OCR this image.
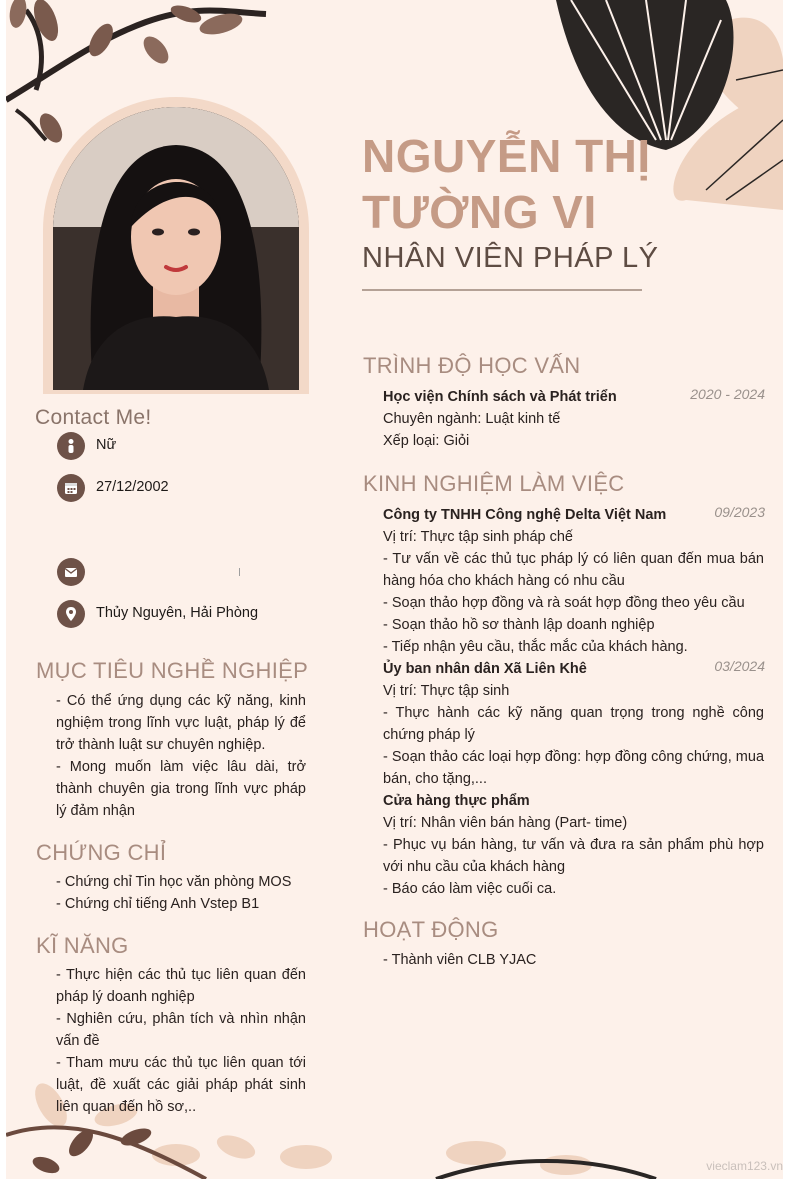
NGUYỄN THỊ
TƯỜNG VI
NHÂN VIÊN PHÁP LÝ
Contact Me!
Nữ
27/12/2002
Thủy Nguyên, Hải Phòng
MỤC TIÊU NGHỀ NGHIỆP
- Có thể ứng dụng các kỹ năng, kinh nghiệm trong lĩnh vực luật, pháp lý để trở thành luật sư chuyên nghiệp.
- Mong muốn làm việc lâu dài, trở thành chuyên gia trong lĩnh vực pháp lý đảm nhận
CHỨNG CHỈ
- Chứng chỉ Tin học văn phòng MOS
- Chứng chỉ tiếng Anh Vstep B1
KĨ NĂNG
- Thực hiện các thủ tục liên quan đến pháp lý doanh nghiệp
- Nghiên cứu, phân tích và nhìn nhận vấn đề
- Tham mưu các thủ tục liên quan tới luật, đề xuất các giải pháp phát sinh liên quan đến hồ sơ,..
TRÌNH ĐỘ HỌC VẤN
Học viện Chính sách và Phát triển	2020 - 2024
Chuyên ngành: Luật kinh tế
Xếp loại: Giỏi
KINH NGHIỆM LÀM VIỆC
Công ty TNHH Công nghệ Delta Việt Nam	09/2023
Vị trí: Thực tập sinh pháp chế
- Tư vấn về các thủ tục pháp lý có liên quan đến mua bán hàng hóa cho khách hàng có nhu cầu
- Soạn thảo hợp đồng và rà soát hợp đồng theo yêu cầu
- Soạn thảo hồ sơ thành lập doanh nghiệp
- Tiếp nhận yêu cầu, thắc mắc của khách hàng.
Ủy ban nhân dân Xã Liên Khê	03/2024
Vị trí: Thực tập sinh
- Thực hành các kỹ năng quan trọng trong nghề công chứng pháp lý
- Soạn thảo các loại hợp đồng: hợp đồng công chứng, mua bán, cho tặng,...
Cửa hàng thực phẩm
Vị trí: Nhân viên bán hàng (Part- time)
- Phục vụ bán hàng, tư vấn và đưa ra sản phẩm phù hợp với nhu cầu của khách hàng
- Báo cáo làm việc cuối ca.
HOẠT ĐỘNG
- Thành viên CLB YJAC
vieclam123.vn
